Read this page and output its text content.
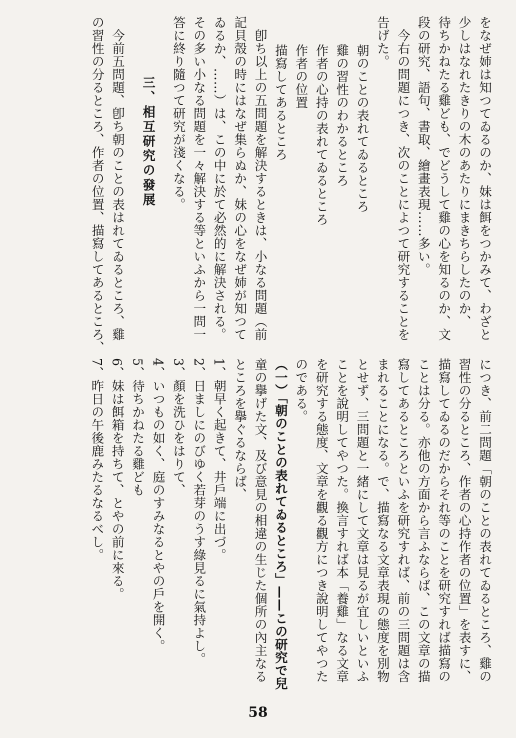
をなぜ姉は知つてゐるのか、妹は餌をつかみて、わざと
少しはなれたきりの木のあたりにまきちらしたのか、
待ちかねたる雞ども、でどうして雞の心を知るのか、文
段の研究、語句、書取、繪畫表現……多い。
今右の問題につき、次のことによつて研究することを
告げた。
朝のことの表れてゐるところ
雞の習性のわかるところ
作者の心持の表れてゐるところ
作者の位置
描寫してあるところ
卽ち以上の五問題を解決するときは、小なる問題（前
記貝殼の時にはなぜ集らぬか、妹の心をなぜ姉が知つて
ゐるか、……）は、この中に於て必然的に解決される。
その多い小なる問題を一々解決する等といふから一問一
答に終り隨つて研究が淺くなる。
三、相互研究の發展
今前五問題、卽ち朝のことの表はれてゐるところ、雞
の習性の分るところ、作者の位置、描寫してあるところ、
につき、前二問題「朝のことの表れてゐるところ、雞の
習性の分るところ、作者の心持作者の位置」を表すに、
描寫してゐるのだからそれ等のことを研究すれば描寫の
ことは分る。亦他の方面から言ふならば、この文章の描
寫してあるところといふを研究すれば、前の三問題は含
まれることになる。で、描寫なる文章表現の態度を別物
とせず、三問題と一緒にして文章は見るが宜しいといふ
ことを說明してやつた。換言すれば本「養雞」なる文章
を研究する態度、文章を觀る觀方につき說明してやつた
のである。
（一）「朝のことの表れてゐるところ」——この研究で兒
童の擧げた文、及び意見の相違の生じた個所の內主なる
ところを擧ぐるならば、
1、朝早く起きて、井戶端に出づ。
2、日ましにのびゆく若芽のうす綠見るに氣持よし。
3、顏を洗ひをはりて、
4、いつもの如く、庭のすみなるとやの戶を開く。
5、待ちかねたる雞ども
6、妹は餌箱を持ちて、とやの前に來る。
7、昨日の午後鹿みたるなるべし。
58
